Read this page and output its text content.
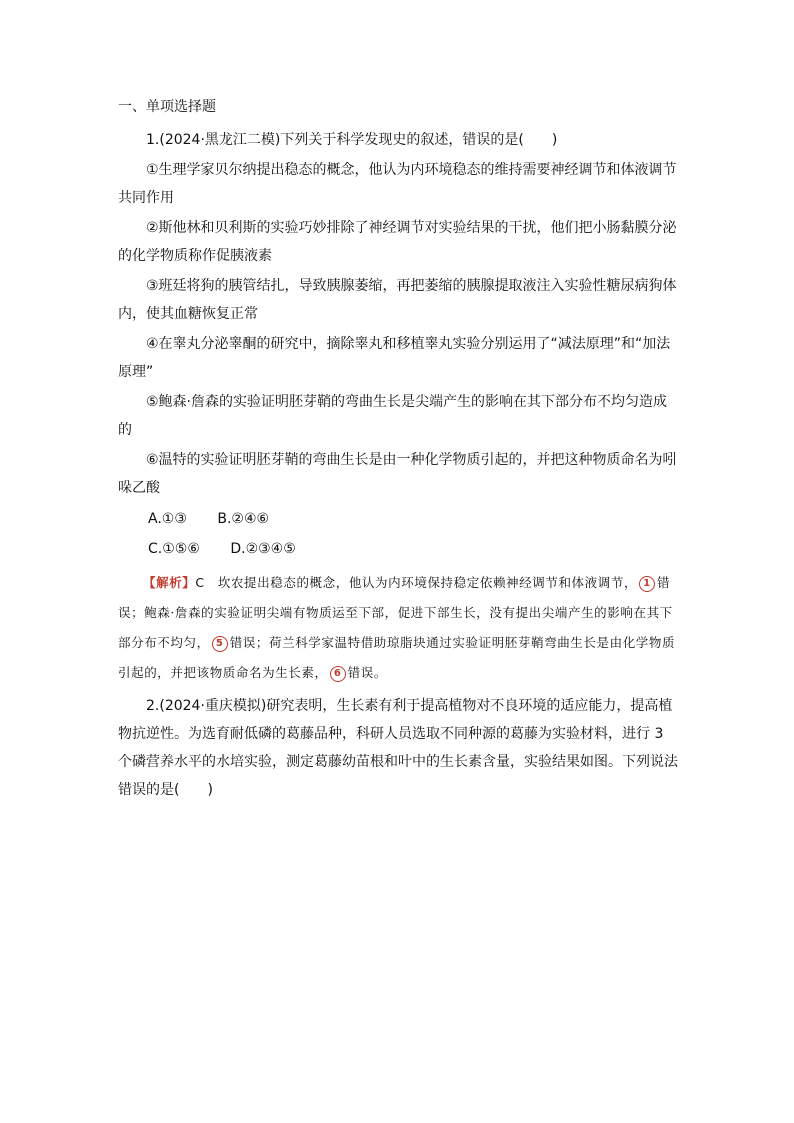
一、单项选择题

1.(2024·黑龙江二模)下列关于科学发现史的叙述，错误的是(　　)

①生理学家贝尔纳提出稳态的概念，他认为内环境稳态的维持需要神经调节和体液调节共同作用

②斯他林和贝利斯的实验巧妙排除了神经调节对实验结果的干扰，他们把小肠黏膜分泌的化学物质称作促胰液素

③班廷将狗的胰管结扎，导致胰腺萎缩，再把萎缩的胰腺提取液注入实验性糖尿病狗体内，使其血糖恢复正常

④在睾丸分泌睾酮的研究中，摘除睾丸和移植睾丸实验分别运用了“减法原理”和“加法原理”

⑤鲍森·詹森的实验证明胚芽鞘的弯曲生长是尖端产生的影响在其下部分布不均匀造成的

⑥温特的实验证明胚芽鞘的弯曲生长是由一种化学物质引起的，并把这种物质命名为吲哚乙酸

A.①③ B.②④⑥

C.①⑤⑥ D.②③④⑤

【解析】C　 坎农提出稳态的概念，他认为内环境保持稳定依赖神经调节和体液调节， 1 错误；鲍森·詹森的实验证明尖端有物质运至下部，促进下部生长，没有提出尖端产生的影响在其下部分布不均匀， 5 错误；荷兰科学家温特借助琼脂块通过实验证明胚芽鞘弯曲生长是由化学物质引起的，并把该物质命名为生长素， 6 错误。

2.(2024·重庆模拟)研究表明，生长素有利于提高植物对不良环境的适应能力，提高植物抗逆性。为选育耐低磷的葛藤品种，科研人员选取不同种源的葛藤为实验材料，进行 3 个磷营养水平的水培实验，测定葛藤幼苗根和叶中的生长素含量，实验结果如图。下列说法错误的是(　　)
